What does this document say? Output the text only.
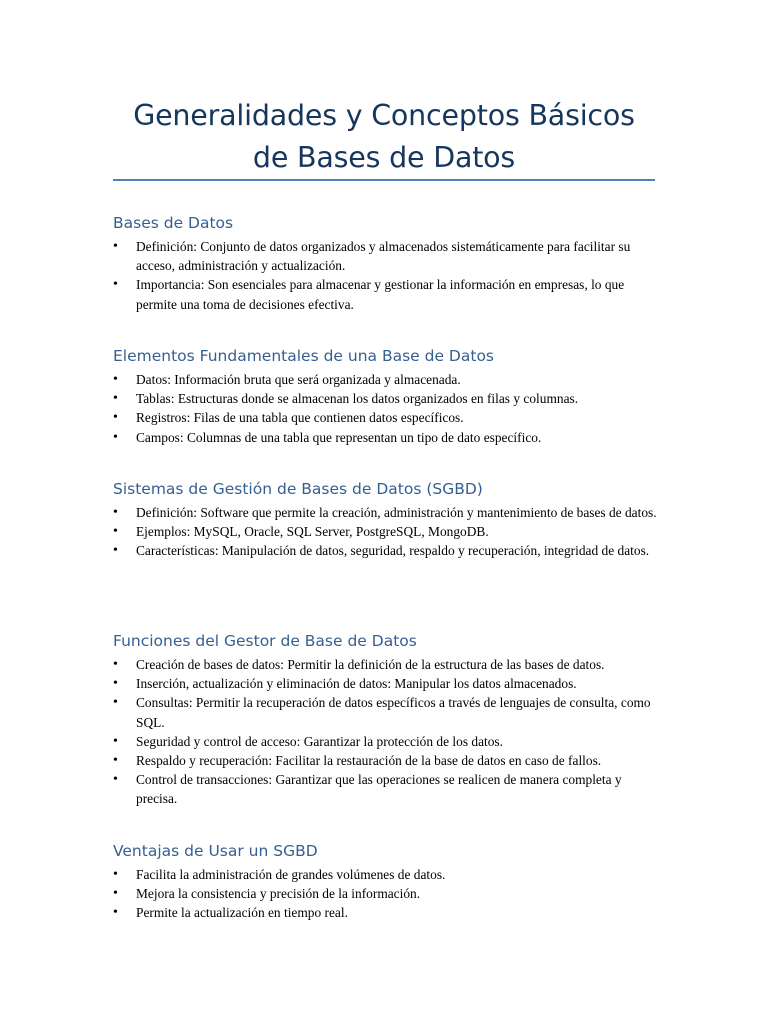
Generalidades y Conceptos Básicos de Bases de Datos
Bases de Datos
•	Definición: Conjunto de datos organizados y almacenados sistemáticamente para facilitar su acceso, administración y actualización.
•	Importancia: Son esenciales para almacenar y gestionar la información en empresas, lo que permite una toma de decisiones efectiva.
Elementos Fundamentales de una Base de Datos
•	Datos: Información bruta que será organizada y almacenada.
•	Tablas: Estructuras donde se almacenan los datos organizados en filas y columnas.
•	Registros: Filas de una tabla que contienen datos específicos.
•	Campos: Columnas de una tabla que representan un tipo de dato específico.
Sistemas de Gestión de Bases de Datos (SGBD)
•	Definición: Software que permite la creación, administración y mantenimiento de bases de datos.
•	Ejemplos: MySQL, Oracle, SQL Server, PostgreSQL, MongoDB.
•	Características: Manipulación de datos, seguridad, respaldo y recuperación, integridad de datos.
Funciones del Gestor de Base de Datos
•	Creación de bases de datos: Permitir la definición de la estructura de las bases de datos.
•	Inserción, actualización y eliminación de datos: Manipular los datos almacenados.
•	Consultas: Permitir la recuperación de datos específicos a través de lenguajes de consulta, como SQL.
•	Seguridad y control de acceso: Garantizar la protección de los datos.
•	Respaldo y recuperación: Facilitar la restauración de la base de datos en caso de fallos.
•	Control de transacciones: Garantizar que las operaciones se realicen de manera completa y precisa.
Ventajas de Usar un SGBD
•	Facilita la administración de grandes volúmenes de datos.
•	Mejora la consistencia y precisión de la información.
•	Permite la actualización en tiempo real.
